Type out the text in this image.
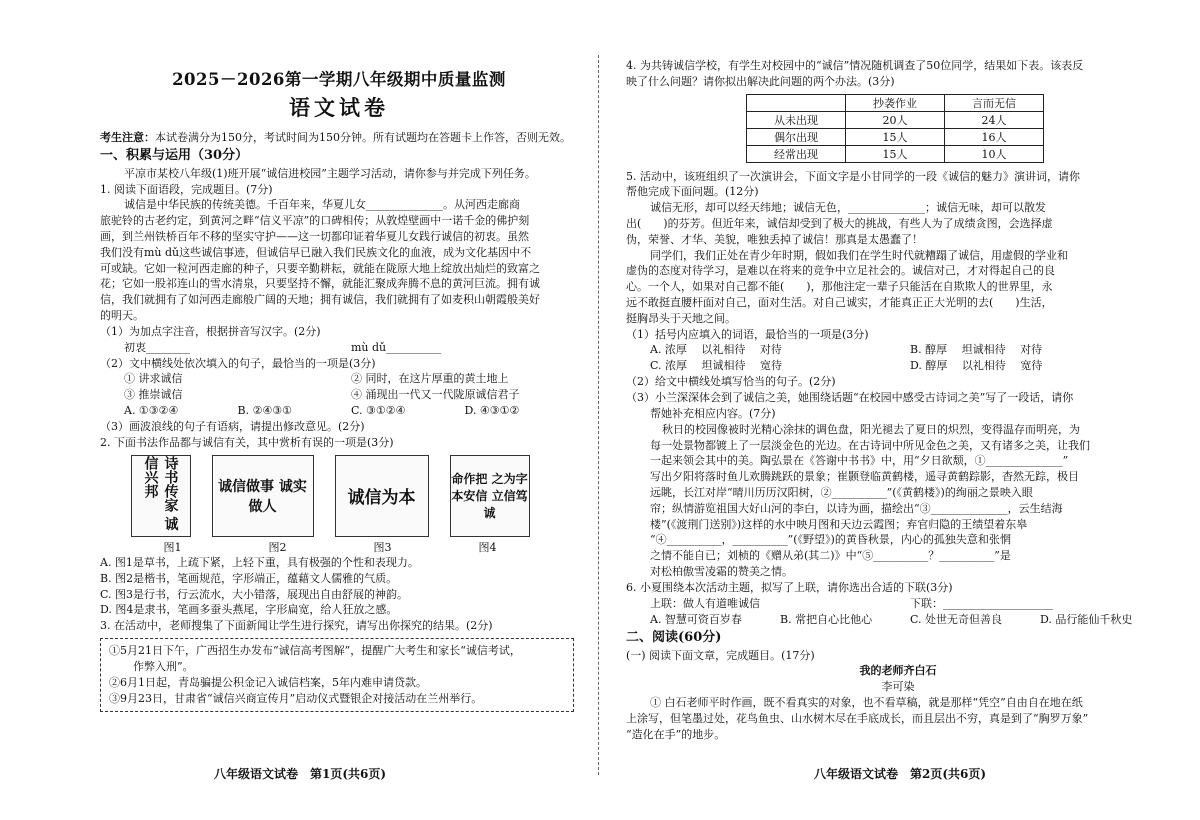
2025－2026第一学期八年级期中质量监测

语文试卷

考生注意：本试卷满分为150分，考试时间为150分钟。所有试题均在答题卡上作答，否则无效。

一、积累与运用（30分）

平凉市某校八年级(1)班开展“诚信进校园”主题学习活动，请你参与并完成下列任务。

1. 阅读下面语段，完成题目。(7分)

诚信是中华民族的传统美德。千百年来，华夏儿女______________。从河西走廊商

旅驼铃的古老约定，到黄河之畔“信义平凉”的口碑相传；从敦煌壁画中一诺千金的佛护刻

画，到兰州铁桥百年不移的坚实守护——这一切都印证着华夏儿女践行诚信的初衷。虽然

我们没有mù dǔ这些诚信事迹，但诚信早已融入我们民族文化的血液，成为文化基因中不

可或缺。它如一粒河西走廊的种子，只要辛勤耕耘，就能在陇原大地上绽放出灿烂的致富之

花；它如一股祁连山的雪水清泉，只要坚持不懈，就能汇聚成奔腾不息的黄河巨流。拥有诚

信，我们就拥有了如河西走廊般广阔的天地；拥有诚信，我们就拥有了如麦积山朝霞般美好

的明天。

（1）为加点字注音，根据拼音写汉字。(2分)

初衷________	mù dǔ__________

（2）文中横线处依次填入的句子，最恰当的一项是(3分)

① 讲求诚信	② 同时，在这片厚重的黄土地上
③ 推崇诚信	④ 涌现出一代又一代陇原诚信君子
A. ①③②④	B. ②④③①	C. ③①②④	D. ④③①②

（3）画波浪线的句子有语病，请提出修改意见。(2分)

2. 下面书法作品都与诚信有关，其中赏析有误的一项是(3分)

诗书传家 诚信兴邦	诚信做事 诚实做人	诚信为本
命作把 之为字 本安信 立信笃诚
图1	图2	图3	图4

A. 图1是草书，上疏下紧，上轻下重，具有极强的个性和表现力。

B. 图2是楷书，笔画规范，字形端正，蕴藉文人儒雅的气质。

C. 图3是行书，行云流水，大小错落，展现出自由舒展的神韵。

D. 图4是隶书，笔画多蚕头燕尾，字形扁宽，给人狂放之感。

3. 在活动中，老师搜集了下面新闻让学生进行探究，请写出你探究的结果。(2分)

①5月21日下午，广西招生办发布“诚信高考图解”，提醒广大考生和家长“诚信考试，
作弊入刑”。
②6月1日起，青岛骗提公积金记入诚信档案，5年内难申请贷款。
③9月23日，甘肃省“诚信兴商宣传月”启动仪式暨银企对接活动在兰州举行。
八年级语文试卷　第1页(共6页)

4. 为共铸诚信学校，有学生对校园中的“诚信”情况随机调查了50位同学，结果如下表。该表反

映了什么问题？请你拟出解决此问题的两个办法。(3分)

	抄袭作业	言而无信
从未出现	20人	24人
偶尔出现	15人	16人
经常出现	15人	10人

5. 活动中，该班组织了一次演讲会，下面文字是小甘同学的一段《诚信的魅力》演讲词，请你

帮他完成下面问题。(12分)

诚信无形，却可以经天纬地；诚信无色，______________；诚信无味，却可以散发

出(　　)的芬芳。但近年来，诚信却受到了极大的挑战，有些人为了成绩贪图，会选择虚

伪，荣誉、才华、美貌，唯独丢掉了诚信！那真是太愚蠢了！

同学们，我们正处在青少年时期，假如我们在学生时代就糟蹋了诚信，用虚假的学业和

虚伪的态度对待学习，是难以在将来的竞争中立足社会的。诚信对己，才对得起自己的良

心。一个人，如果对自己都不能(　　)，那他注定一辈子只能活在自欺欺人的世界里，永

远不敢挺直腰杆面对自己，面对生活。对自己诚实，才能真正正大光明的去(　　)生活，

挺胸昂头于天地之间。

（1）括号内应填入的词语，最恰当的一项是(3分)

A. 浓厚　 以礼相待　 对待	B. 醇厚　 坦诚相待　 对待
C. 浓厚　 坦诚相待　 宽待	D. 醇厚　 以礼相待　 宽待

（2）给文中横线处填写恰当的句子。(2分)

（3）小兰深深体会到了诚信之美，她围绕话题“在校园中感受古诗词之美”写了一段话，请你

帮她补充相应内容。(7分)

秋日的校园像被时光精心涂抹的调色盘，阳光褪去了夏日的炽烈，变得温存而明亮，为

每一处景物都镀上了一层淡金色的光边。在古诗词中所见金色之美，又有诸多之美，让我们

一起来领会其中的美。陶弘景在《答谢中书书》中，用“夕日欲颓，①______________”

写出夕阳将落时鱼儿欢腾跳跃的景象；崔颢登临黄鹤楼，遥寻黄鹤踪影，杳然无踪，极目

远眺，长江对岸“晴川历历汉阳树，②__________”(《黄鹤楼》)的绚丽之景映入眼

帘；纵情游览祖国大好山河的李白，以诗为画，描绘出“③______________，云生结海

楼”(《渡荆门送别》)这样的水中映月图和天边云霞图；弃官归隐的王绩望着东皋

“④__________，__________”(《野望》)的黄昏秋景，内心的孤独失意和张惘

之情不能自已；刘桢的《赠从弟(其二)》中“⑤__________？__________”是

对松柏傲雪凌霜的赞美之情。

6. 小夏围绕本次活动主题，拟写了上联，请你选出合适的下联(3分)

上联：做人有道唯诚信	下联：____________________
A. 智慧可资百岁春	B. 常把自心比他心	C. 处世无奇但善良	D. 品行能仙千秋史

二、阅读(60分)

(一) 阅读下面文章，完成题目。(17分)

我的老师齐白石

李可染

① 白石老师平时作画，既不看真实的对象，也不看草稿，就是那样“凭空”自由自在地在纸

上涂写，但笔墨过处，花鸟鱼虫、山水树木尽在手底成长，而且层出不穷，真是到了“胸罗万象”

“造化在手”的地步。

八年级语文试卷　第2页(共6页)
